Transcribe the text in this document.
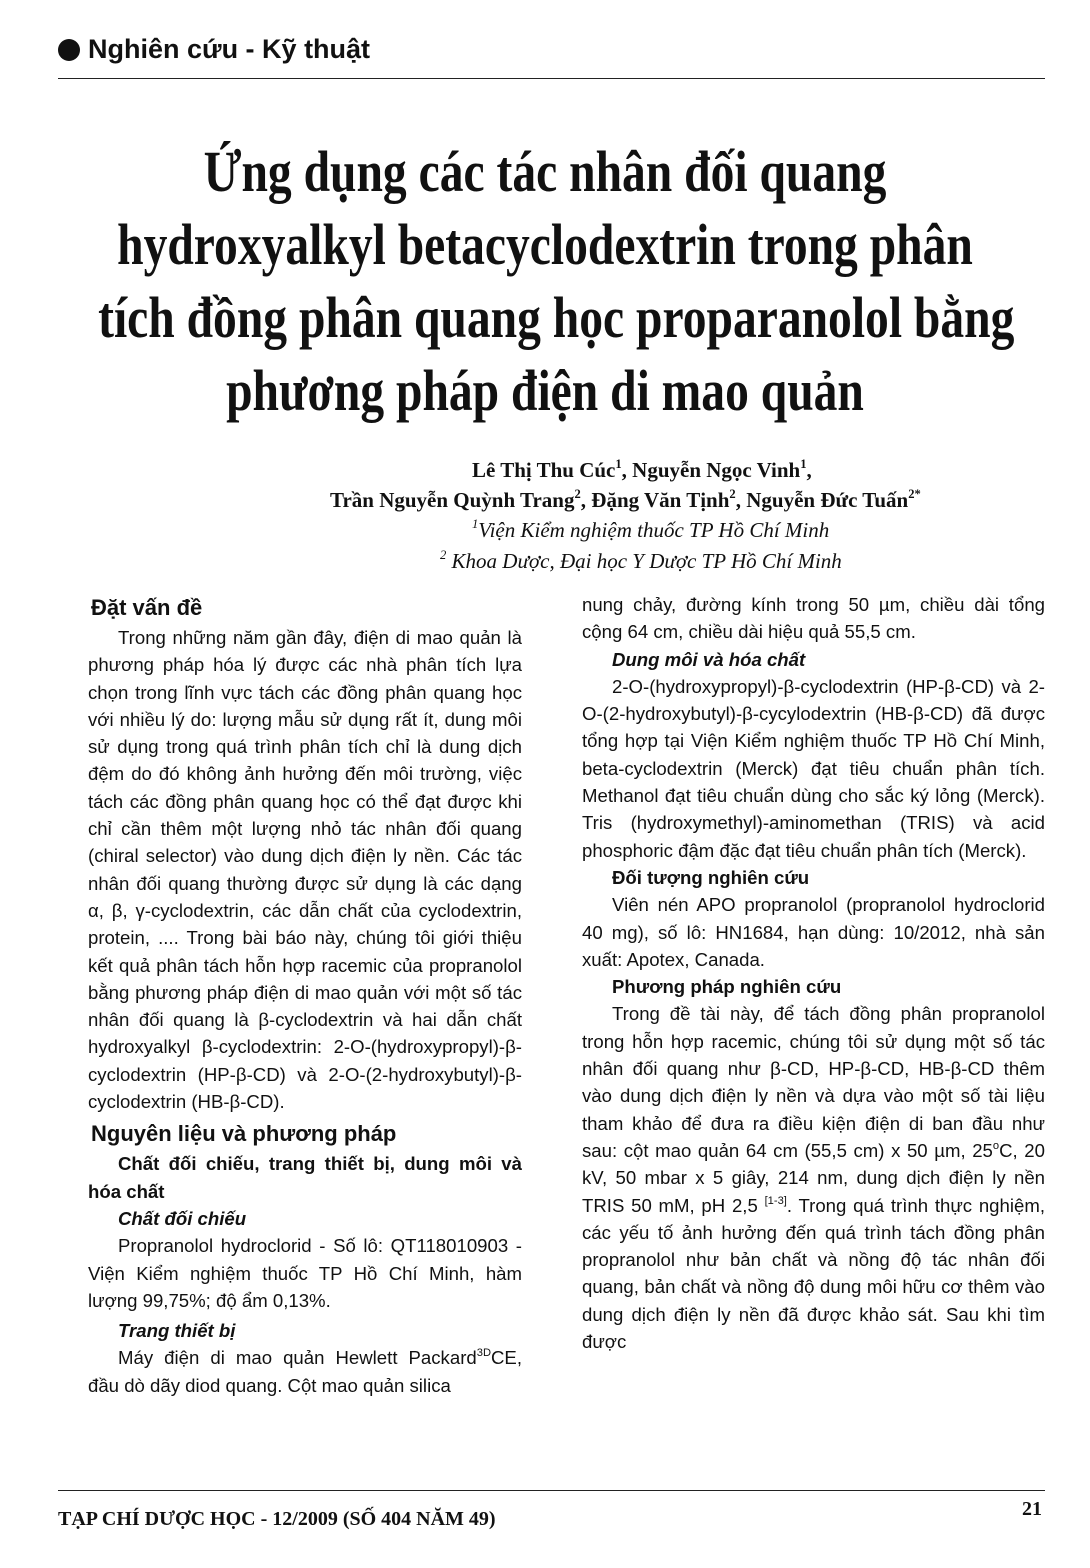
Nghiên cứu - Kỹ thuật
Ứng dụng các tác nhân đối quang
hydroxyalkyl betacyclodextrin trong phân
tích đồng phân quang học proparanolol bằng
phương pháp điện di mao quản
Lê Thị Thu Cúc$^1$, Nguyễn Ngọc Vinh$^1$,
Trần Nguyễn Quỳnh Trang$^2$, Đặng Văn Tịnh$^2$, Nguyễn Đức Tuấn$^{2*}$
$^1$Viện Kiểm nghiệm thuốc TP Hồ Chí Minh
$^2$ Khoa Dược, Đại học Y Dược TP Hồ Chí Minh
Đặt vấn đề

Trong những năm gần đây, điện di mao quản là phương pháp hóa lý được các nhà phân tích lựa chọn trong lĩnh vực tách các đồng phân quang học với nhiều lý do: lượng mẫu sử dụng rất ít, dung môi sử dụng trong quá trình phân tích chỉ là dung dịch đệm do đó không ảnh hưởng đến môi trường, việc tách các đồng phân quang học có thể đạt được khi chỉ cần thêm một lượng nhỏ tác nhân đối quang (chiral selector) vào dung dịch điện ly nền. Các tác nhân đối quang thường được sử dụng là các dạng α, β, γ-cyclodextrin, các dẫn chất của cyclodextrin, protein, .... Trong bài báo này, chúng tôi giới thiệu kết quả phân tách hỗn hợp racemic của propranolol bằng phương pháp điện di mao quản với một số tác nhân đối quang là β-cyclodextrin và hai dẫn chất hydroxyalkyl β-cyclodextrin: 2-O-(hydroxypropyl)-β-cyclodextrin (HP-β-CD) và 2-O-(2-hydroxybutyl)-β-cyclodextrin (HB-β-CD).

Nguyên liệu và phương pháp
Chất đối chiếu, trang thiết bị, dung môi và hóa chất
Chất đối chiếu

Propranolol hydroclorid - Số lô: QT118010903 - Viện Kiểm nghiệm thuốc TP Hồ Chí Minh, hàm lượng 99,75%; độ ẩm 0,13%.

Trang thiết bị

Máy điện di mao quản Hewlett Packard$^{3D}$CE, đầu dò dãy diod quang. Cột mao quản silica

nung chảy, đường kính trong 50 µm, chiều dài tổng cộng 64 cm, chiều dài hiệu quả 55,5 cm.

Dung môi và hóa chất

2-O-(hydroxypropyl)-β-cyclodextrin (HP-β-CD) và 2-O-(2-hydroxybutyl)-β-cycylodextrin (HB-β-CD) đã được tổng hợp tại Viện Kiểm nghiệm thuốc TP Hồ Chí Minh, beta-cyclodextrin (Merck) đạt tiêu chuẩn phân tích. Methanol đạt tiêu chuẩn dùng cho sắc ký lỏng (Merck). Tris (hydroxymethyl)-aminomethan (TRIS) và acid phosphoric đậm đặc đạt tiêu chuẩn phân tích (Merck).

Đối tượng nghiên cứu

Viên nén APO propranolol (propranolol hydroclorid 40 mg), số lô: HN1684, hạn dùng: 10/2012, nhà sản xuất: Apotex, Canada.

Phương pháp nghiên cứu

Trong đề tài này, để tách đồng phân propranolol trong hỗn hợp racemic, chúng tôi sử dụng một số tác nhân đối quang như β-CD, HP-β-CD, HB-β-CD thêm vào dung dịch điện ly nền và dựa vào một số tài liệu tham khảo để đưa ra điều kiện điện di ban đầu như sau: cột mao quản 64 cm (55,5 cm) x 50 µm, 25$^o$C, 20 kV, 50 mbar x 5 giây, 214 nm, dung dịch điện ly nền TRIS 50 mM, pH 2,5 [1-3]. Trong quá trình thực nghiệm, các yếu tố ảnh hưởng đến quá trình tách đồng phân propranolol như bản chất và nồng độ tác nhân đối quang, bản chất và nồng độ dung môi hữu cơ thêm vào dung dịch điện ly nền đã được khảo sát. Sau khi tìm được

TẠP CHÍ DƯỢC HỌC - 12/2009 (SỐ 404 NĂM 49)	21
